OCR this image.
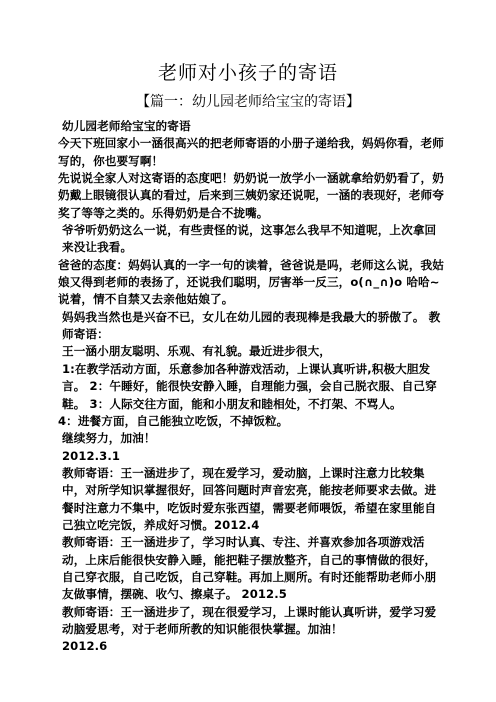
老师对小孩子的寄语
【篇一：幼儿园老师给宝宝的寄语】

幼儿园老师给宝宝的寄语

今天下班回家小一涵很高兴的把老师寄语的小册子递给我，妈妈你看，老师写的，你也要写啊！

先说说全家人对这寄语的态度吧！奶奶说一放学小一涵就拿给奶奶看了，奶奶戴上眼镜很认真的看过，后来到三姨奶家还说呢，一涵的表现好，老师夸奖了等等之类的。乐得奶奶是合不拢嘴。

爷爷听奶奶这么一说，有些责怪的说，这事怎么我早不知道呢，上次拿回来没让我看。

爸爸的态度：妈妈认真的一字一句的读着，爸爸说是吗，老师这么说，我姑娘又得到老师的表扬了，还说我们聪明，厉害举一反三，o(∩_∩)o 哈哈~ 说着，情不自禁又去亲他姑娘了。

妈妈我当然也是兴奋不已，女儿在幼儿园的表现棒是我最大的骄傲了。 教师寄语：

王一涵小朋友聪明、乐观、有礼貌。最近进步很大，

1:在教学活动方面，乐意参加各种游戏活动，上课认真听讲,积极大胆发言。 2：午睡好，能很快安静入睡，自理能力强，会自己脱衣服、自己穿鞋。 3：人际交往方面，能和小朋友和睦相处，不打架、不骂人。

4：进餐方面，自己能独立吃饭，不掉饭粒。

继续努力，加油！

2012.3.1

教师寄语：王一涵进步了，现在爱学习，爱动脑，上课时注意力比较集中，对所学知识掌握很好，回答问题时声音宏亮，能按老师要求去做。进餐时注意力不集中，吃饭时爱东张西望，需要老师喂饭，希望在家里能自己独立吃完饭，养成好习惯。2012.4

教师寄语：王一涵进步了，学习时认真、专注、并喜欢参加各项游戏活动，上床后能很快安静入睡，能把鞋子摆放整齐，自己的事情做的很好，自己穿衣服，自己吃饭，自己穿鞋。再加上厕所。有时还能帮助老师小朋友做事情，摆碗、收勺、擦桌子。 2012.5

教师寄语：王一涵进步了，现在很爱学习，上课时能认真听讲，爱学习爱动脑爱思考，对于老师所教的知识能很快掌握。加油！

2012.6
